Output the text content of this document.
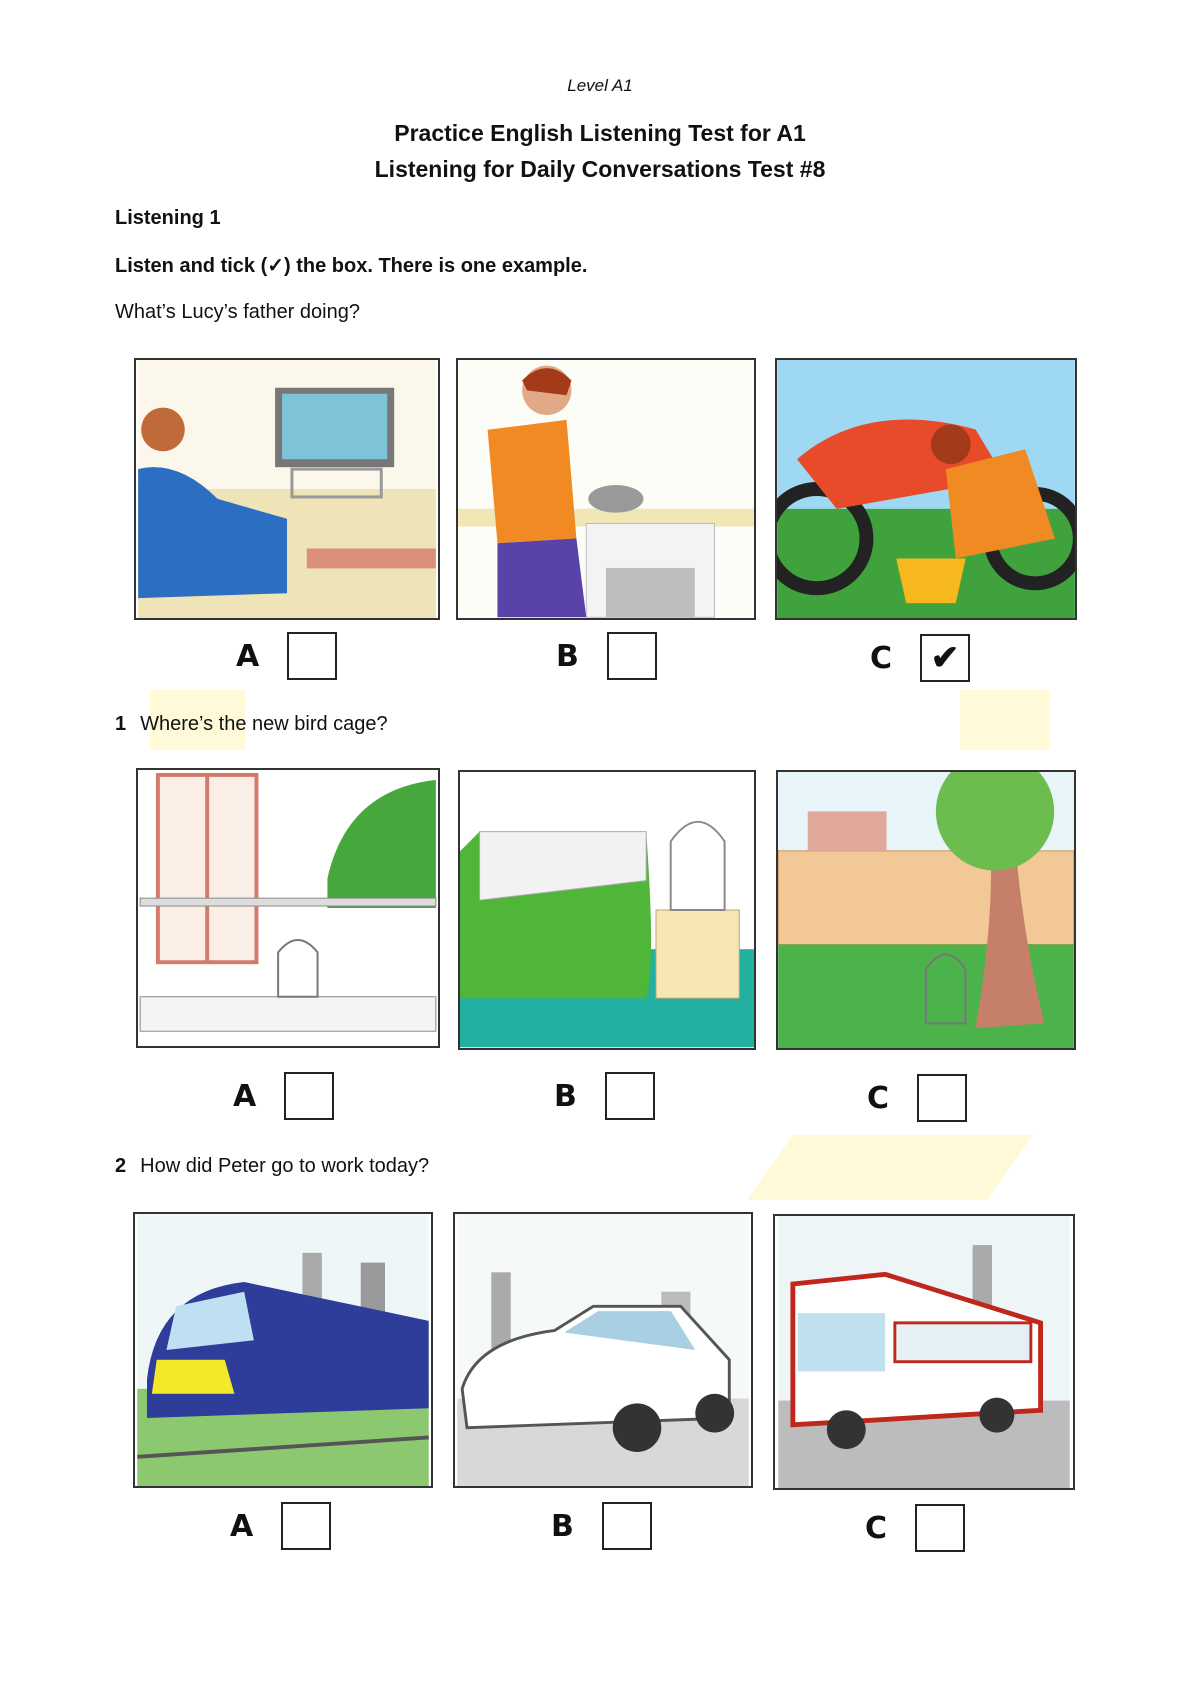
Level A1
Practice English Listening Test for A1
Listening for Daily Conversations Test #8
Listening 1
Listen and tick (✓) the box. There is one example.
What’s Lucy’s father doing?
A	B	C ✔
1 Where’s the new bird cage?
A	B	C
2 How did Peter go to work today?
A	B	C
